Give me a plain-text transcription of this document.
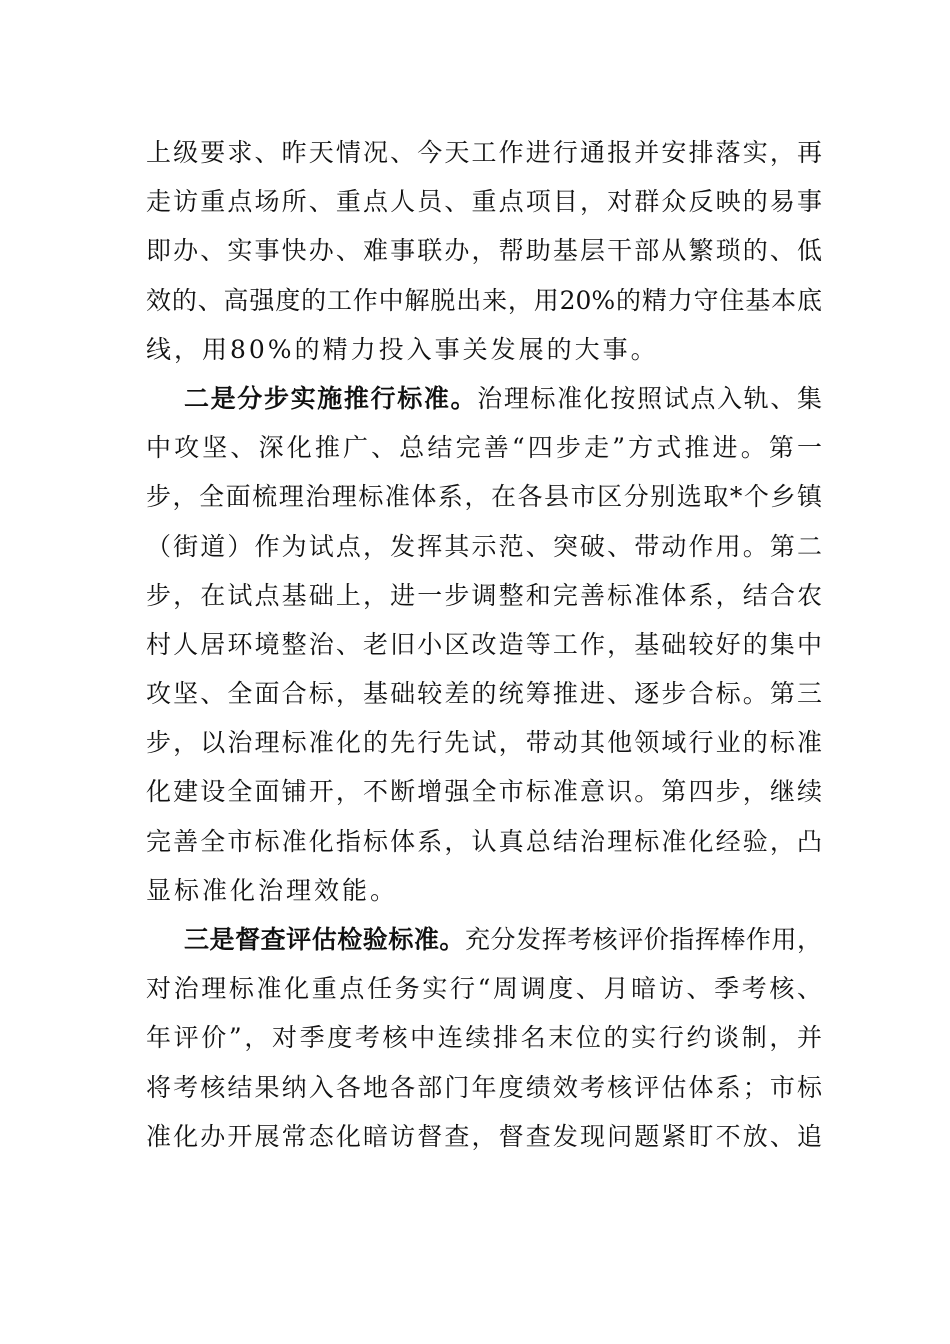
上级要求、昨天情况、今天工作进行通报并安排落实，再
走访重点场所、重点人员、重点项目，对群众反映的易事
即办、实事快办、难事联办，帮助基层干部从繁琐的、低
效的、高强度的工作中解脱出来，用20%的精力守住基本底
线，用80%的精力投入事关发展的大事。
二是分步实施推行标准。治理标准化按照试点入轨、集
中攻坚、深化推广、总结完善“四步走”方式推进。第一
步，全面梳理治理标准体系，在各县市区分别选取*个乡镇
（街道）作为试点，发挥其示范、突破、带动作用。第二
步，在试点基础上，进一步调整和完善标准体系，结合农
村人居环境整治、老旧小区改造等工作，基础较好的集中
攻坚、全面合标，基础较差的统筹推进、逐步合标。第三
步，以治理标准化的先行先试，带动其他领域行业的标准
化建设全面铺开，不断增强全市标准意识。第四步，继续
完善全市标准化指标体系，认真总结治理标准化经验，凸
显标准化治理效能。
三是督查评估检验标准。充分发挥考核评价指挥棒作用，
对治理标准化重点任务实行“周调度、月暗访、季考核、
年评价”，对季度考核中连续排名末位的实行约谈制，并
将考核结果纳入各地各部门年度绩效考核评估体系；市标
准化办开展常态化暗访督查，督查发现问题紧盯不放、追
